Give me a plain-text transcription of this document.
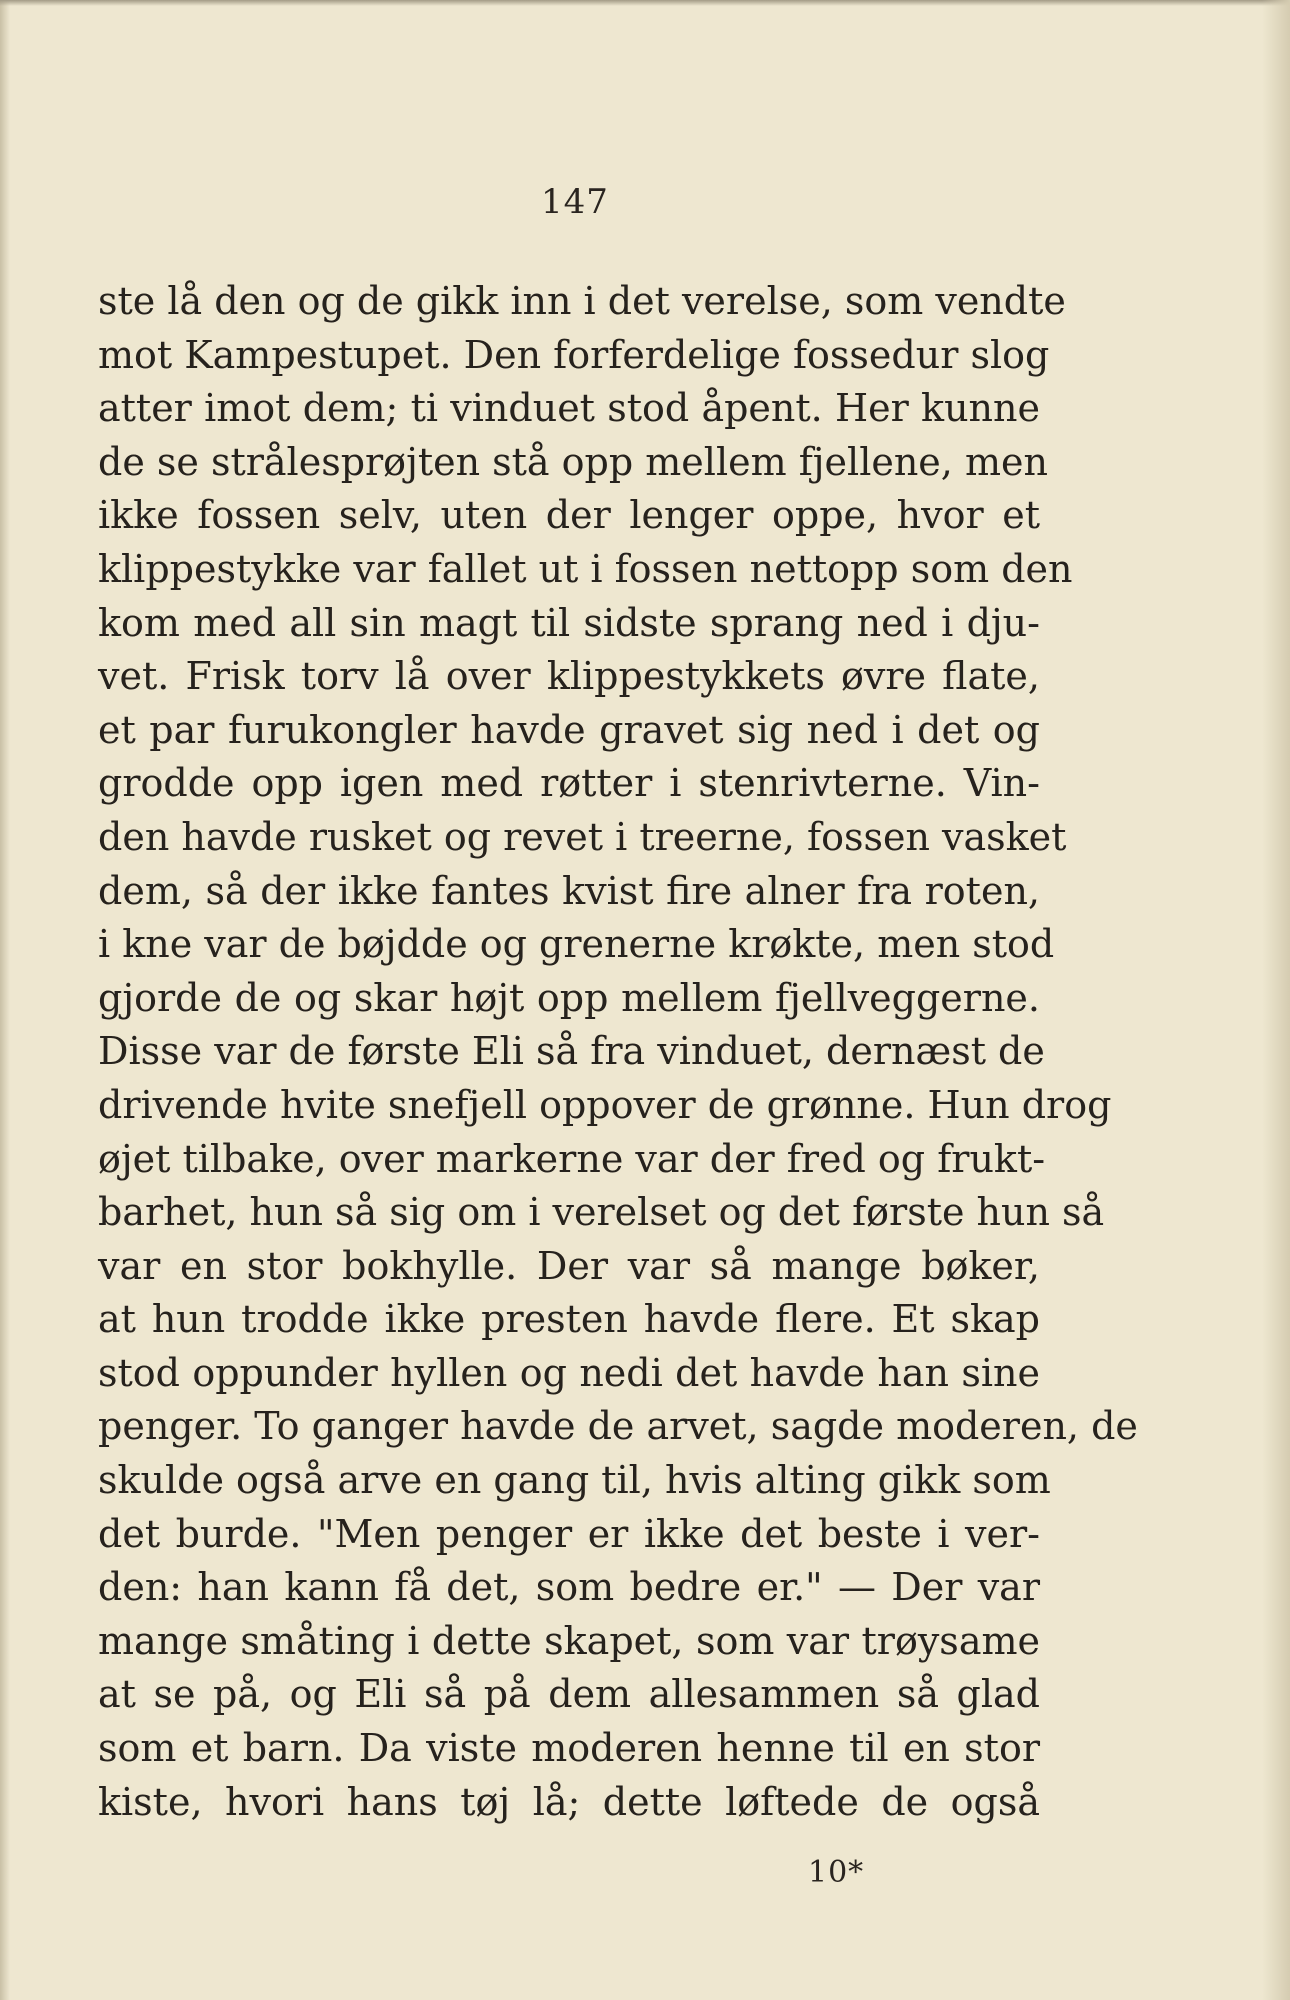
147
ste lå den og de gikk inn i det verelse, som vendte
mot Kampestupet. Den forferdelige fossedur slog
atter imot dem; ti vinduet stod åpent. Her kunne
de se strålesprøjten stå opp mellem fjellene, men
ikke fossen selv, uten der lenger oppe, hvor et
klippestykke var fallet ut i fossen nettopp som den
kom med all sin magt til sidste sprang ned i dju-
vet. Frisk torv lå over klippestykkets øvre flate,
et par furukongler havde gravet sig ned i det og
grodde opp igen med røtter i stenrivterne. Vin-
den havde rusket og revet i treerne, fossen vasket
dem, så der ikke fantes kvist fire alner fra roten,
i kne var de bøjdde og grenerne krøkte, men stod
gjorde de og skar højt opp mellem fjellveggerne.
Disse var de første Eli så fra vinduet, dernæst de
drivende hvite snefjell oppover de grønne. Hun drog
øjet tilbake, over markerne var der fred og frukt-
barhet, hun så sig om i verelset og det første hun så
var en stor bokhylle. Der var så mange bøker,
at hun trodde ikke presten havde flere. Et skap
stod oppunder hyllen og nedi det havde han sine
penger. To ganger havde de arvet, sagde moderen, de
skulde også arve en gang til, hvis alting gikk som
det burde. "Men penger er ikke det beste i ver-
den: han kann få det, som bedre er." — Der var
mange småting i dette skapet, som var trøysame
at se på, og Eli så på dem allesammen så glad
som et barn. Da viste moderen henne til en stor
kiste, hvori hans tøj lå; dette løftede de også
10*
